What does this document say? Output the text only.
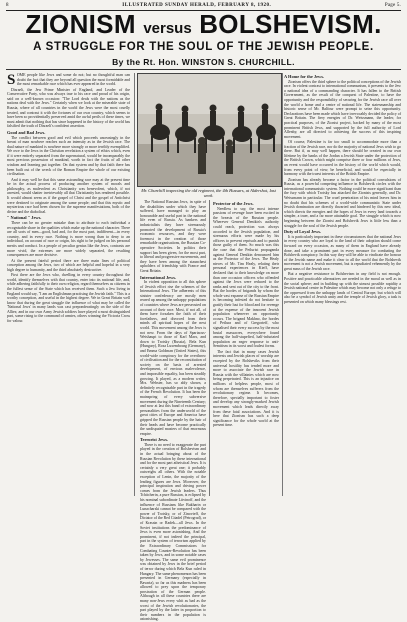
8	ILLUSTRATED SUNDAY HERALD, FEBRUARY 8, 1920.	Page 5.
ZIONISM versus BOLSHEVISM.
A STRUGGLE FOR THE SOUL OF THE JEWISH PEOPLE.
By the Rt. Hon. WINSTON S. CHURCHILL.

SOME people like Jews and some do not; but no thoughtful man can doubt the fact that they are beyond all question the most formidable and the most remarkable race which has ever appeared in the world.

Disraeli, the Jew Prime Minister of England, and Leader of the Conservative Party, who was always true to his race and proud of his origin, said on a well-known occasion: "The Lord deals with the nations as the nations deal with the Jews." Certainly when we look at the miserable state of Russia, where of all countries in the world the Jews were the most cruelly treated, and contrast it with the fortunes of our own country, which seems to have been so providentially preserved amid the awful perils of these times, we must admit that nothing that has since happened in the history of the world has falsified the truth of Disraeli's confident assertion.

Good and Bad Jews.

The conflict between good and evil which proceeds unceasingly in the breast of man nowhere reaches such an intensity as in the Jewish race. The dual nature of mankind is nowhere more strongly or more terribly exemplified. We owe to the Jews in the Christian revelation a system of ethics which, even if it were entirely separated from the supernatural, would be incomparably the most precious possession of mankind, worth in fact the fruits of all other wisdom and learning put together. On that system and by that faith there has been built out of the wreck of the Roman Empire the whole of our existing civilisation.

And it may well be that this same astounding race may at the present time be in the actual process of producing another system of morals and philosophy, as malevolent as Christianity was benevolent, which, if not arrested, would shatter irretrievably all that Christianity has rendered possible. It would almost seem as if the gospel of Christ and the gospel of Antichrist were destined to originate among the same people; and that this mystic and mysterious race had been chosen for the supreme manifestations, both of the divine and the diabolical.

" National " Jews.

There can be no greater mistake than to attribute to each individual a recognisable share in the qualities which make up the national character. There are all sorts of men—good, bad and, for the most part, indifferent—in every country, and in every race. Nothing is more wrong than to deny to an individual, on account of race or origin, his right to be judged on his personal merits and conduct. In a people of peculiar genius like the Jews, contrasts are more vivid, the extremes are more widely separated, the resulting consequences are more decisive.

At the present fateful period there are three main lines of political conception among the Jews, two of which are helpful and hopeful in a very high degree to humanity, and the third absolutely destructive.

First there are the Jews who, dwelling in every country throughout the world, identify themselves with that country, enter into its national life, and, while adhering faithfully to their own religion, regard themselves as citizens in the fullest sense of the State which has received them. Such a Jew living in England would say, "I am an Englishman practising the Jewish faith." This is a worthy conception, and useful in the highest degree. We in Great Britain well know that during the great struggle the influence of what may be called the 'National Jews' in many lands was cast preponderatingly on the side of the Allies; and in our own Army Jewish soldiers have played a most distinguished part, some rising to the command of armies, others winning the Victoria Cross for valour.

Mr. Churchill inspecting the old regiment, the 4th Hussars, at Aldershot, last week.

The National Russian Jews, in spite of the disabilities under which they have suffered, have managed to play an honourable and useful part in the national life even of Russia. As bankers and industrialists they have strenuously promoted the development of Russia's economic resources, and they were foremost in the creation of those remarkable organisations, the Russian Co-operative Societies. In politics their support has been given, for the most part, to liberal and progressive movements, and they have been among the staunchest upholders of friendship with France and Great Britain.

International Jews.

In violent opposition to all this sphere of Jewish effort rise the schemes of the International Jews. The adherents of this sinister confederacy are mostly men reared up among the unhappy populations of countries where Jews are persecuted on account of their race. Most, if not all, of them have forsaken the faith of their forefathers, and divorced from their minds all spiritual hopes of the next world. This movement among the Jews is not new. From the days of Spartacus-Weishaupt to those of Karl Marx, and down to Trotsky (Russia), Bela Kun (Hungary), Rosa Luxembourg (Germany), and Emma Goldman (United States), this world-wide conspiracy for the overthrow of civilisation and for the reconstitution of society on the basis of arrested development, of envious malevolence, and impossible equality, has been steadily growing. It played, as a modern writer, Mrs. Webster, has so ably shown, a definitely recognisable part in the tragedy of the French Revolution. It has been the mainspring of every subversive movement during the Nineteenth Century; and now at last this band of extraordinary personalities from the underworld of the great cities of Europe and America have gripped the Russian people by the hair of their heads and have become practically the undisputed masters of that enormous empire.

Terrorist Jews.

There is no need to exaggerate the part played in the creation of Bolshevism and in the actual bringing about of the Russian Revolution by these international and for the most part atheistical Jews. It is certainly a very great one; it probably outweighs all others. With the notable exception of Lenin, the majority of the leading figures are Jews. Moreover, the principal inspiration and driving power comes from the Jewish leaders. Thus Tchitcherin, a pure Russian, is eclipsed by his nominal subordinate Litvinoff, and the influence of Russians like Bukharin or Lunacharski cannot be compared with the power of Trotsky, or of Zinovieff, the Dictator of the Red Citadel (Petrograd), or of Krassin or Radek—all Jews. In the Soviet institutions the predominance of Jews is even more astonishing. And the prominent, if not indeed the principal, part in the system of terrorism applied by the Extraordinary Commissions for Combating Counter-Revolution has been taken by Jews, and in some notable cases by Jewesses. The same evil prominence was obtained by Jews in the brief period of terror during which Bela Kun ruled in Hungary. The same phenomenon has been presented in Germany (especially in Bavaria), so far as this madness has been allowed to prey upon the temporary prostration of the German people. Although in all these countries there are many non-Jews every whit as bad as the worst of the Jewish revolutionaries, the part played by the latter in proportion to their numbers in the population is astonishing.

Protector of the Jews.

Needless to say, the most intense passions of revenge have been excited in the breasts of the Russian people. Wherever General Denikin's authority could reach, protection was always accorded to the Jewish population, and strenuous efforts were made by his officers to prevent reprisals and to punish those guilty of them. So much was this the case that the Petlurist propaganda against General Denikin denounced him as the Protector of the Jews. The Healy nieces of Mr. Tim Healy, relating their personal experiences in Kieff, have declared that to their knowledge on more than one occasion officers who offended against the Jews were reduced to the ranks and sent out of the city to the front. But the hordes of brigands by whom the whole vast expanse of the Russian Empire is becoming infested do not hesitate to gratify their lust for blood and for revenge at the expense of the innocent Jewish population whenever an opportunity occurs. The brigand Makhno, the hordes of Petlura and of Gregorieff, who signalised their every success by the most brutal massacres, everywhere found among the half-stupefied, half-infuriated population an eager response to anti-Semitism in its worst and foulest forms.

The fact that in many cases Jewish interests and Jewish places of worship are excepted by the Bolsheviks from their universal hostility has tended more and more to associate the Jewish race in Russia with the villainies which are now being perpetrated. This is an injustice on millions of helpless people, most of whom are themselves sufferers from the revolutionary regime. It becomes, therefore, specially important to foster and develop any strongly-marked Jewish movement which leads directly away from these fatal associations. And it is here that Zionism has such a deep significance for the whole world at the present time.

A Home for the Jews.

Zionism offers the third sphere to the political conceptions of the Jewish race. In violent contrast to international communism, it presents to the Jew a national idea of a commanding character. It has fallen to the British Government, as the result of the conquest of Palestine, to have the opportunity and the responsibility of securing for the Jewish race all over the world a home and a centre of national life. The statesmanship and historic sense of Mr. Balfour were prompt to seize this opportunity. Declarations have been made which have irrevocably decided the policy of Great Britain. The fiery energies of Dr. Weissmann, the leader, for practical purposes, of the Zionist project, backed by many of the most prominent British Jews, and supported by the full authority of Lord Allenby, are all directed to achieving the success of this inspiring movement.

Of course, Palestine is far too small to accommodate more than a fraction of the Jewish race, nor do the majority of national Jews wish to go there. But if, as may well happen, there should be created in our own lifetime by the banks of the Jordan a Jewish State under the protection of the British Crown, which might comprise three or four millions of Jews, an event would have occurred in the history of the world which would, from every point of view, be beneficial, and would be especially in harmony with the truest interests of the British Empire.

Zionism has already become a factor in the political convulsions of Russia, as a powerful competing influence in Bolshevik circles with the international communistic system. Nothing could be more significant than the fury with which Trotsky has attacked the Zionists generally, and Dr. Weissmann in particular. The cruel penetration of his mind leaves him in no doubt that his schemes of a world-wide communistic State under Jewish domination are directly thwarted and hindered by this new ideal, which directs the energies and the hopes of Jews in every land towards a simpler, a truer, and a far more attainable goal. The struggle which is now beginning between the Zionist and Bolshevik Jews is little less than a struggle for the soul of the Jewish people.

Duty of Loyal Jews.

It is particularly important in these circumstances that the national Jews in every country who are loyal to the land of their adoption should come forward on every occasion, as many of them in England have already done, and take a prominent part in every measure for combating the Bolshevik conspiracy. In this way they will be able to vindicate the honour of the Jewish name and make it clear to all the world that the Bolshevik movement is not a Jewish movement, but is repudiated vehemently by the great mass of the Jewish race.

But a negative resistance to Bolshevism in any field is not enough. Positive and practicable alternatives are needed in the moral as well as in the social sphere; and in building up with the utmost possible rapidity a Jewish national centre in Palestine which may become not only a refuge to the oppressed from the unhappy lands of Central Europe, but which will also be a symbol of Jewish unity and the temple of Jewish glory, a task is presented on which many blessings rest.
